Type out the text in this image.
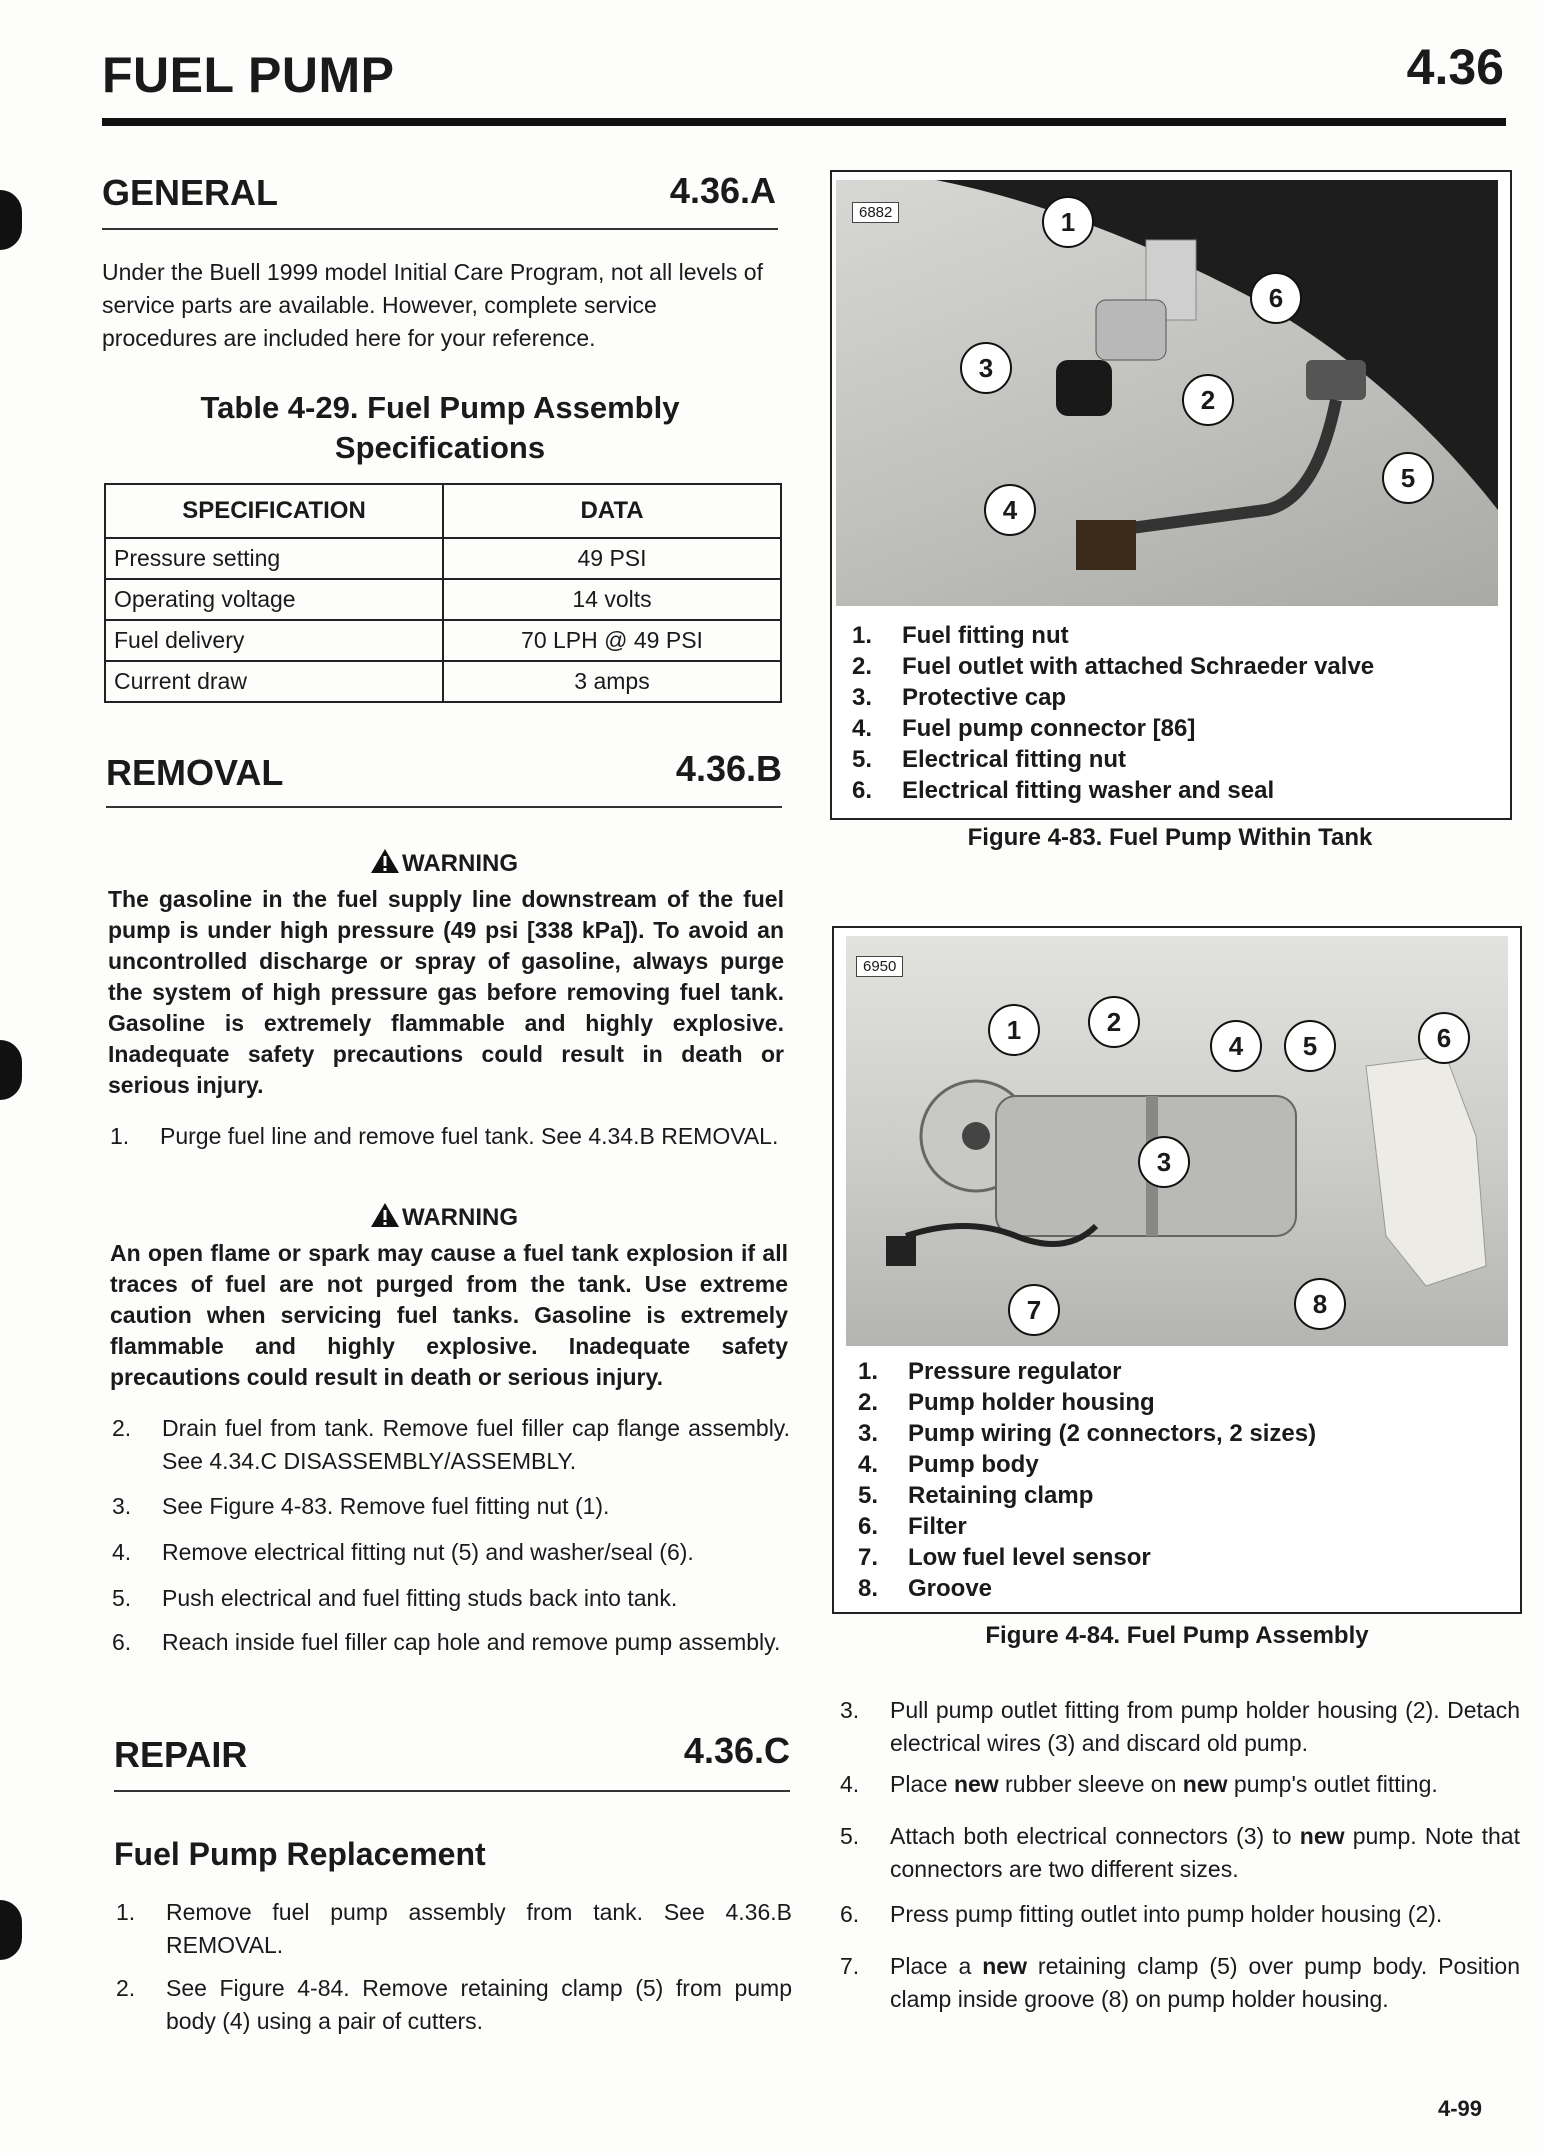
FUEL PUMP	4.36
GENERAL	4.36.A
Under the Buell 1999 model Initial Care Program, not all levels of service parts are available. However, complete service procedures are included here for your reference.
Table 4-29. Fuel Pump Assembly
Specifications
SPECIFICATION	DATA
Pressure setting	49 PSI
Operating voltage	14 volts
Fuel delivery	70 LPH @ 49 PSI
Current draw	3 amps
REMOVAL	4.36.B
WARNING
The gasoline in the fuel supply line downstream of the fuel pump is under high pressure (49 psi [338 kPa]). To avoid an uncontrolled discharge or spray of gasoline, always purge the system of high pressure gas before removing fuel tank. Gasoline is extremely flammable and highly explosive. Inadequate safety precautions could result in death or serious injury.
1.	Purge fuel line and remove fuel tank. See 4.34.B REMOVAL.
WARNING
An open flame or spark may cause a fuel tank explosion if all traces of fuel are not purged from the tank. Use extreme caution when servicing fuel tanks. Gasoline is extremely flammable and highly explosive. Inadequate safety precautions could result in death or serious injury.
2.	Drain fuel from tank. Remove fuel filler cap flange assembly. See 4.34.C DISASSEMBLY/ASSEMBLY.
3.	See Figure 4-83. Remove fuel fitting nut (1).
4.	Remove electrical fitting nut (5) and washer/seal (6).
5.	Push electrical and fuel fitting studs back into tank.
6.	Reach inside fuel filler cap hole and remove pump assembly.
REPAIR	4.36.C
Fuel Pump Replacement
1.	Remove fuel pump assembly from tank. See 4.36.B REMOVAL.
2.	See Figure 4-84. Remove retaining clamp (5) from pump body (4) using a pair of cutters.
6882	1
6
3
2
5
4
1.	Fuel fitting nut
2.	Fuel outlet with attached Schraeder valve
3.	Protective cap
4.	Fuel pump connector [86]
5.	Electrical fitting nut
6.	Electrical fitting washer and seal
Figure 4-83. Fuel Pump Within Tank
6950
1	2
4	5	6
3
7	8
1.	Pressure regulator
2.	Pump holder housing
3.	Pump wiring (2 connectors, 2 sizes)
4.	Pump body
5.	Retaining clamp
6.	Filter
7.	Low fuel level sensor
8.	Groove
Figure 4-84. Fuel Pump Assembly
3.	Pull pump outlet fitting from pump holder housing (2). Detach electrical wires (3) and discard old pump.
4.	Place new rubber sleeve on new pump's outlet fitting.
5.	Attach both electrical connectors (3) to new pump. Note that connectors are two different sizes.
6.	Press pump fitting outlet into pump holder housing (2).
7.	Place a new retaining clamp (5) over pump body. Position clamp inside groove (8) on pump holder housing.
4-99
